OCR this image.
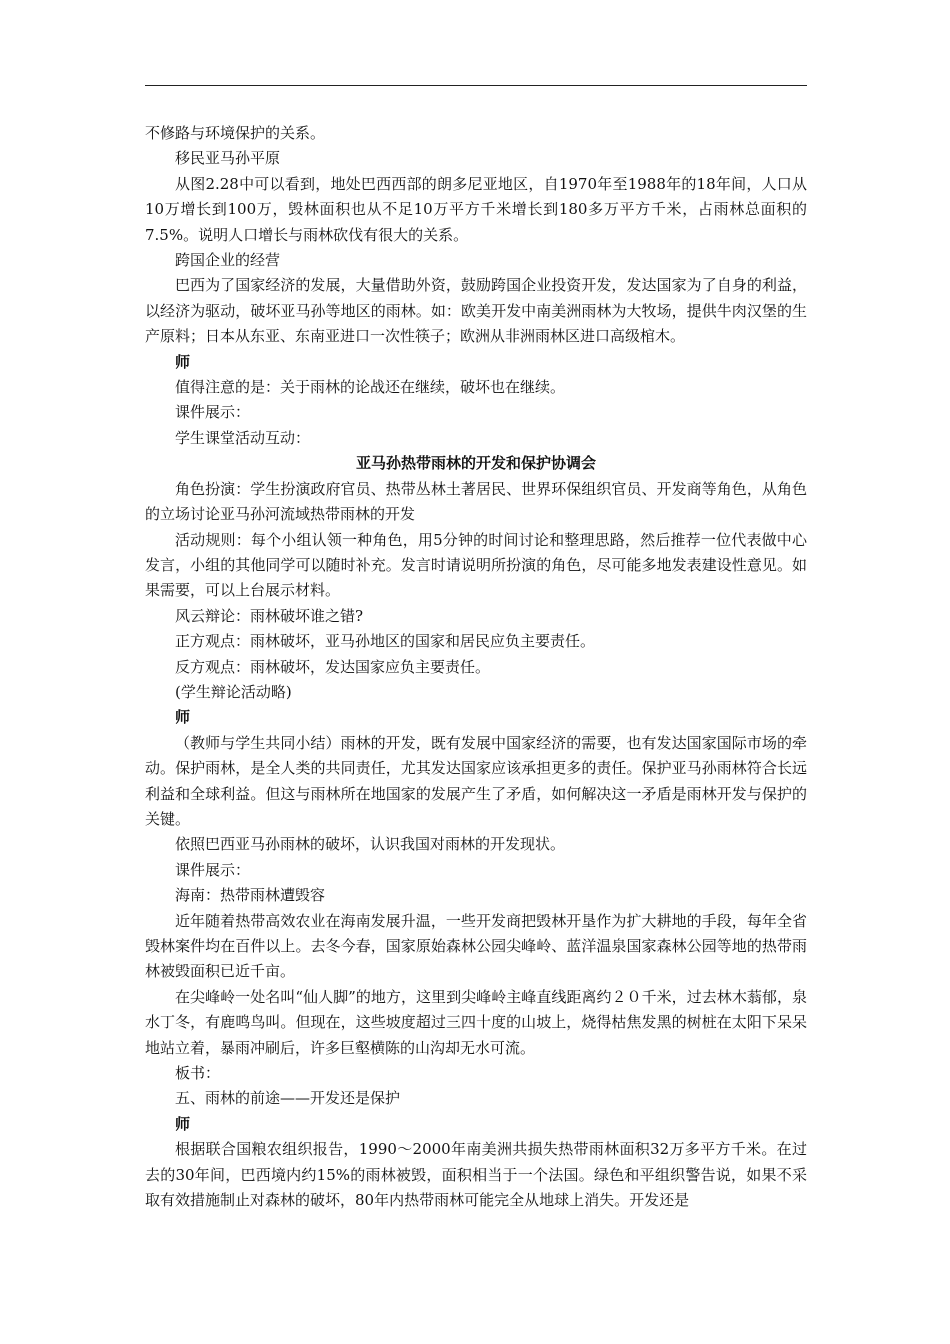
不修路与环境保护的关系。

移民亚马孙平原

从图2.28中可以看到，地处巴西西部的朗多尼亚地区，自1970年至1988年的18年间，人口从10万增长到100万，毁林面积也从不足10万平方千米增长到180多万平方千米，占雨林总面积的7.5%。说明人口增长与雨林砍伐有很大的关系。

跨国企业的经营

巴西为了国家经济的发展，大量借助外资，鼓励跨国企业投资开发，发达国家为了自身的利益，以经济为驱动，破坏亚马孙等地区的雨林。如：欧美开发中南美洲雨林为大牧场，提供牛肉汉堡的生产原料；日本从东亚、东南亚进口一次性筷子；欧洲从非洲雨林区进口高级棺木。

师

值得注意的是：关于雨林的论战还在继续，破坏也在继续。

课件展示：

学生课堂活动互动：

亚马孙热带雨林的开发和保护协调会

角色扮演：学生扮演政府官员、热带丛林土著居民、世界环保组织官员、开发商等角色，从角色的立场讨论亚马孙河流域热带雨林的开发

活动规则：每个小组认领一种角色，用5分钟的时间讨论和整理思路，然后推荐一位代表做中心发言，小组的其他同学可以随时补充。发言时请说明所扮演的角色，尽可能多地发表建设性意见。如果需要，可以上台展示材料。

风云辩论：雨林破坏谁之错?

正方观点：雨林破坏，亚马孙地区的国家和居民应负主要责任。

反方观点：雨林破坏，发达国家应负主要责任。

(学生辩论活动略)

师

（教师与学生共同小结）雨林的开发，既有发展中国家经济的需要，也有发达国家国际市场的牵动。保护雨林，是全人类的共同责任，尤其发达国家应该承担更多的责任。保护亚马孙雨林符合长远利益和全球利益。但这与雨林所在地国家的发展产生了矛盾，如何解决这一矛盾是雨林开发与保护的关键。

依照巴西亚马孙雨林的破坏，认识我国对雨林的开发现状。

课件展示：

海南：热带雨林遭毁容

近年随着热带高效农业在海南发展升温，一些开发商把毁林开垦作为扩大耕地的手段，每年全省毁林案件均在百件以上。去冬今春，国家原始森林公园尖峰岭、蓝洋温泉国家森林公园等地的热带雨林被毁面积已近千亩。

在尖峰岭一处名叫“仙人脚”的地方，这里到尖峰岭主峰直线距离约２０千米，过去林木蓊郁，泉水丁冬，有鹿鸣鸟叫。但现在，这些坡度超过三四十度的山坡上，烧得枯焦发黑的树桩在太阳下呆呆地站立着，暴雨冲刷后，许多巨壑横陈的山沟却无水可流。

板书：

五、雨林的前途——开发还是保护

师

根据联合国粮农组织报告，1990～2000年南美洲共损失热带雨林面积32万多平方千米。在过去的30年间，巴西境内约15%的雨林被毁，面积相当于一个法国。绿色和平组织警告说，如果不采取有效措施制止对森林的破坏，80年内热带雨林可能完全从地球上消失。开发还是
